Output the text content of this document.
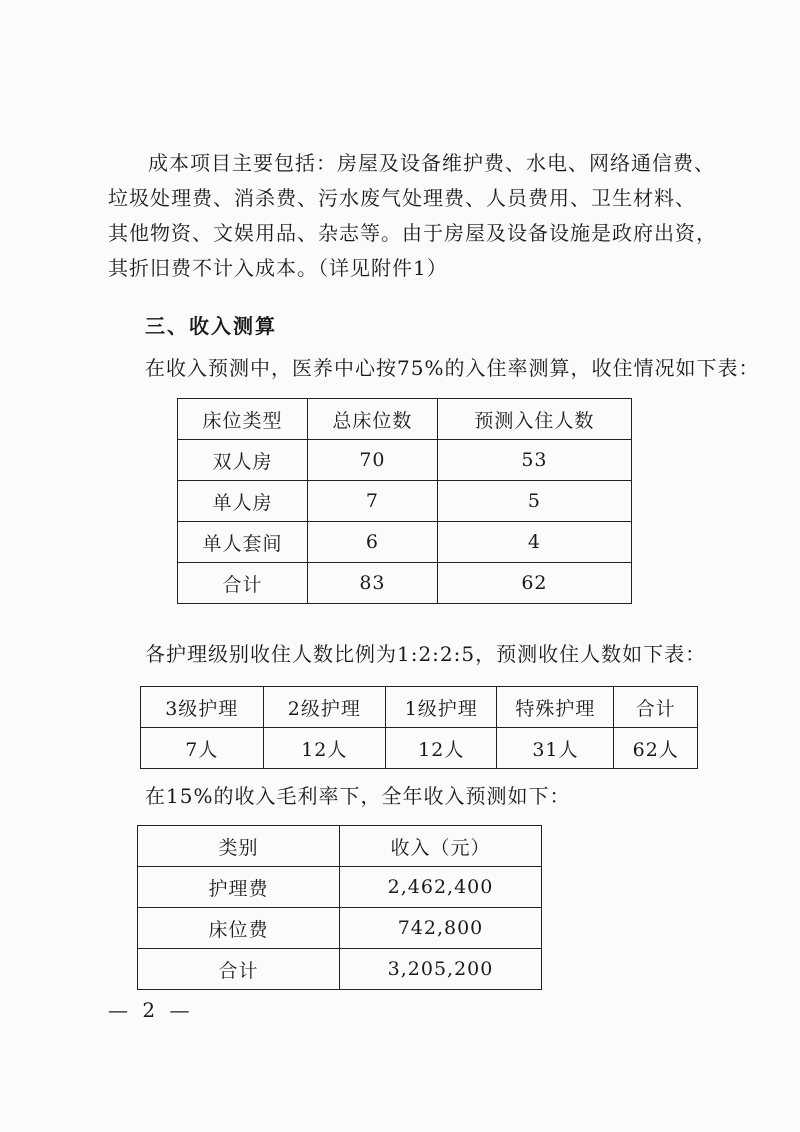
成本项目主要包括：房屋及设备维护费、水电、网络通信费、
垃圾处理费、消杀费、污水废气处理费、人员费用、卫生材料、
其他物资、文娱用品、杂志等。由于房屋及设备设施是政府出资，
其折旧费不计入成本。（详见附件1）
三、收入测算

在收入预测中，医养中心按75%的入住率测算，收住情况如下表：

床位类型	总床位数	预测入住人数
双人房	70	53
单人房	7	5
单人套间	6	4
合计	83	62

各护理级别收住人数比例为1:2:2:5，预测收住人数如下表：

3级护理	2级护理	1级护理	特殊护理	合计
7人	12人	12人	31人	62人

在15%的收入毛利率下，全年收入预测如下：

类别	收入（元）
护理费	2,462,400
床位费	742,800
合计	3,205,200
— 2 —
